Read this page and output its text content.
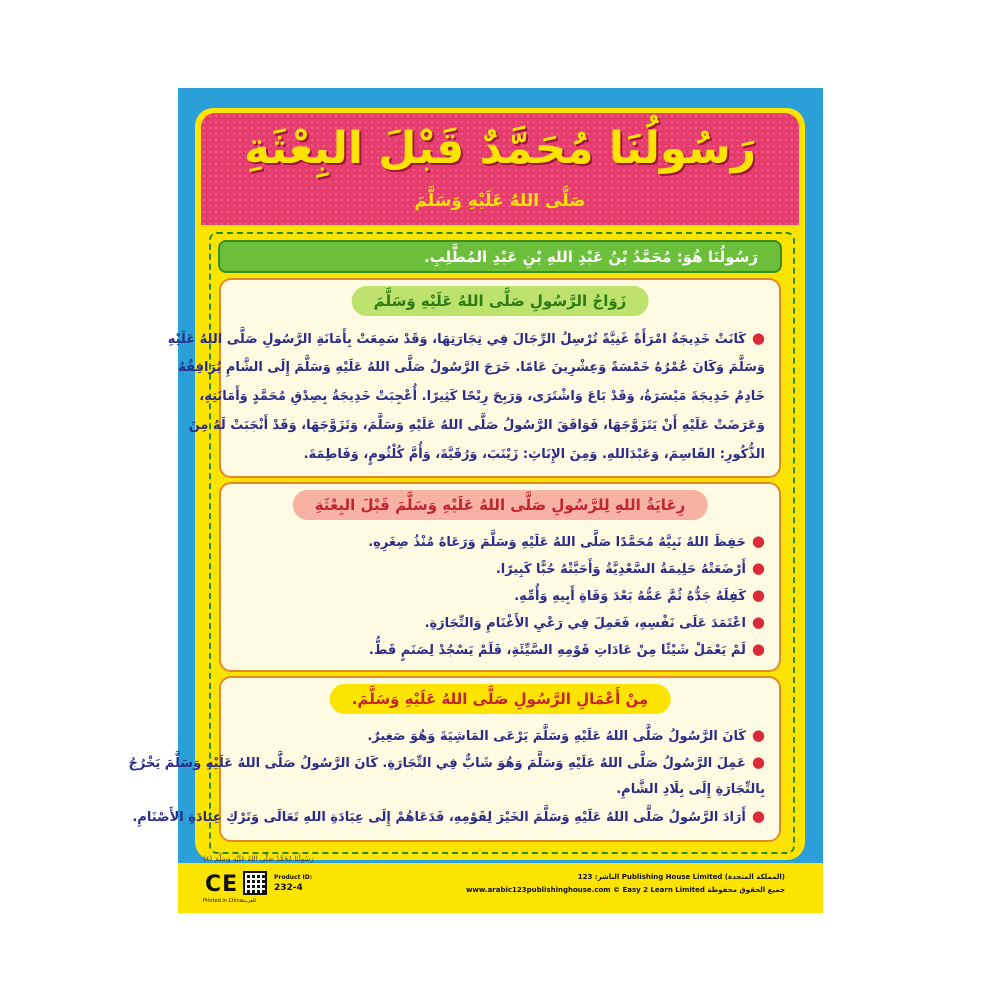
رَسُولُنَا مُحَمَّدٌ قَبْلَ البِعْثَةِ
صَلَّى اللهُ عَلَيْهِ وَسَلَّمَ
رَسُولُنَا هُوَ: مُحَمَّدُ بْنُ عَبْدِ اللهِ بْنِ عَبْدِ المُطَّلِبِ.
زَوَاجُ الرَّسُولِ صَلَّى اللهُ عَلَيْهِ وَسَلَّمَ
●كَانَتْ خَدِيجَةُ امْرَأَةً غَنِيَّةً تُرْسِلُ الرِّجَالَ فِي تِجَارَتِهَا، وَقَدْ سَمِعَتْ بِأَمَانَةِ الرَّسُولِ صَلَّى اللهُ عَلَيْهِ
وَسَلَّمَ وَكَانَ عُمْرُهُ خَمْسَةً وَعِشْرِينَ عَامًا. خَرَجَ الرَّسُولُ صَلَّى اللهُ عَلَيْهِ وَسَلَّمَ إِلَى الشَّامِ يُرَافِقُهُ
خَادِمُ خَدِيجَةَ مَيْسَرَةُ، وَقَدْ بَاعَ وَاشْتَرَى، وَرَبِحَ رِبْحًا كَثِيرًا. أُعْجِبَتْ خَدِيجَةُ بِصِدْقِ مُحَمَّدٍ وَأَمَانَتِهِ،
وَعَرَضَتْ عَلَيْهِ أَنْ يَتَزَوَّجَهَا، فَوَافَقَ الرَّسُولُ صَلَّى اللهُ عَلَيْهِ وَسَلَّمَ، وَتَزَوَّجَهَا، وَقَدْ أَنْجَبَتْ لَهُ مِنَ
الذُّكُورِ: القَاسِمَ، وَعَبْدَاللهِ. وَمِنَ الإِنَاثِ: زَيْنَبَ، وَرُقَيَّةَ، وَأُمَّ كُلْثُومٍ، وَفَاطِمَةَ.
رِعَايَةُ اللهِ لِلرَّسُولِ صَلَّى اللهُ عَلَيْهِ وَسَلَّمَ قَبْلَ البِعْثَةِ
●حَفِظَ اللهُ نَبِيَّهُ مُحَمَّدًا صَلَّى اللهُ عَلَيْهِ وَسَلَّمَ وَرَعَاهُ مُنْذُ صِغَرِهِ.
●أَرْضَعَتْهُ حَلِيمَةُ السَّعْدِيَّةُ وَأَحَبَّتْهُ حُبًّا كَبِيرًا.
●كَفِلَهُ جَدُّهُ ثُمَّ عَمُّهُ بَعْدَ وَفَاةِ أَبِيهِ وَأُمِّهِ.
●اعْتَمَدَ عَلَى نَفْسِهِ، فَعَمِلَ فِي رَعْيِ الأَغْنَامِ وَالتِّجَارَةِ.
●لَمْ يَعْمَلْ شَيْئًا مِنْ عَادَاتِ قَوْمِهِ السَّيِّئَةِ، فَلَمْ يَسْجُدْ لِصَنَمٍ قَطُّ.
مِنْ أَعْمَالِ الرَّسُولِ صَلَّى اللهُ عَلَيْهِ وَسَلَّمَ.
●كَانَ الرَّسُولُ صَلَّى اللهُ عَلَيْهِ وَسَلَّمَ يَرْعَى المَاشِيَةَ وَهُوَ صَغِيرٌ.
●عَمِلَ الرَّسُولُ صَلَّى اللهُ عَلَيْهِ وَسَلَّمَ وَهُوَ شَابٌّ فِي التِّجَارَةِ. كَانَ الرَّسُولُ صَلَّى اللهُ عَلَيْهِ وَسَلَّمَ يَخْرُجُ
بِالتِّجَارَةِ إِلَى بِلَادِ الشَّامِ.
●أَرَادَ الرَّسُولُ صَلَّى اللهُ عَلَيْهِ وَسَلَّمَ الخَيْرَ لِقَوْمِهِ، فَدَعَاهُمْ إِلَى عِبَادَةِ اللهِ تَعَالَى وَتَرْكِ عِبَادَةِ الأَصْنَامِ.
رَسُولُنَا مُحَمَّدٌ صَلَّى اللهُ عَلَيْهِ وَسَلَّمَ (٤)
CE
Printed in China للعربية
Product ID:
232-4
الناشر: 123 Publishing House Limited (المملكة المتحدة)
www.arabic123publishinghouse.com © Easy 2 Learn Limited جميع الحقوق محفوظة
